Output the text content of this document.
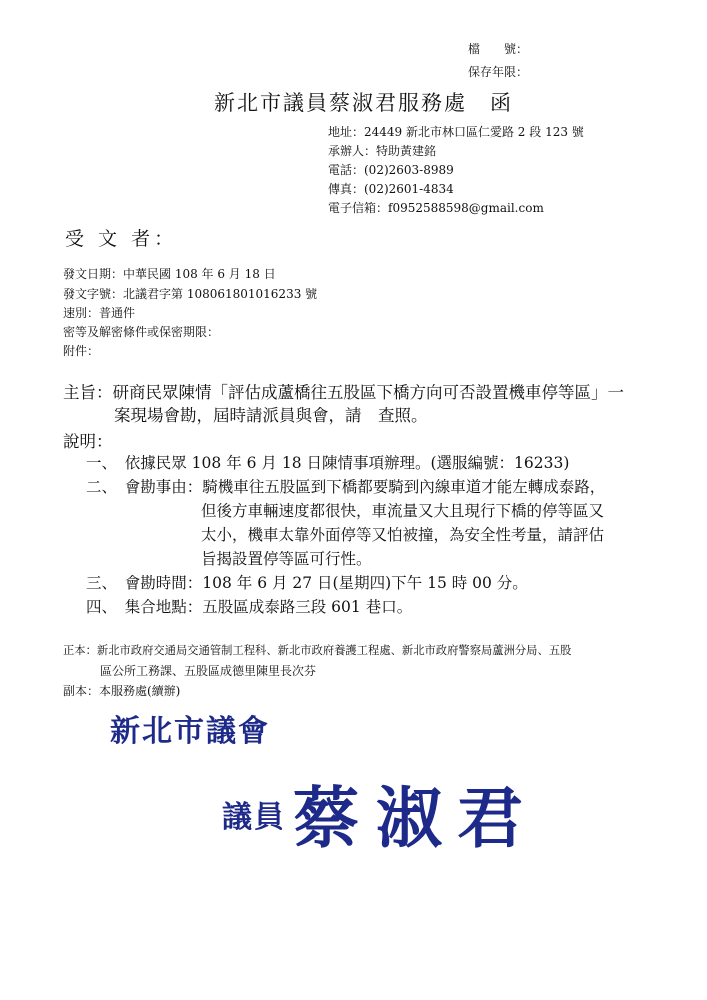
檔　　號：
保存年限：
新北市議員蔡淑君服務處　函
地址：24449 新北市林口區仁愛路 2 段 123 號
承辦人：特助黃建銘
電話：(02)2603-8989
傳真：(02)2601-4834
電子信箱：f0952588598@gmail.com
受 文 者：
發文日期：中華民國 108 年 6 月 18 日
發文字號：北議君字第 108061801016233 號
速別：普通件
密等及解密條件或保密期限：
附件：
主旨：研商民眾陳情「評估成蘆橋往五股區下橋方向可否設置機車停等區」一
案現場會勘，屆時請派員與會，請　查照。
說明：
一、　依據民眾 108 年 6 月 18 日陳情事項辦理。(選服編號：16233)
二、　會勘事由：騎機車往五股區到下橋都要騎到內線車道才能左轉成泰路，
但後方車輛速度都很快，車流量又大且現行下橋的停等區又
太小，機車太靠外面停等又怕被撞，為安全性考量，請評估
旨揭設置停等區可行性。
三、　會勘時間：108 年 6 月 27 日(星期四)下午 15 時 00 分。
四、　集合地點：五股區成泰路三段 601 巷口。
正本：新北市政府交通局交通管制工程科、新北市政府養護工程處、新北市政府警察局蘆洲分局、五股
區公所工務課、五股區成德里陳里長次芬
副本：本服務處(續辦)
新北市議會
議員 蔡 淑 君
